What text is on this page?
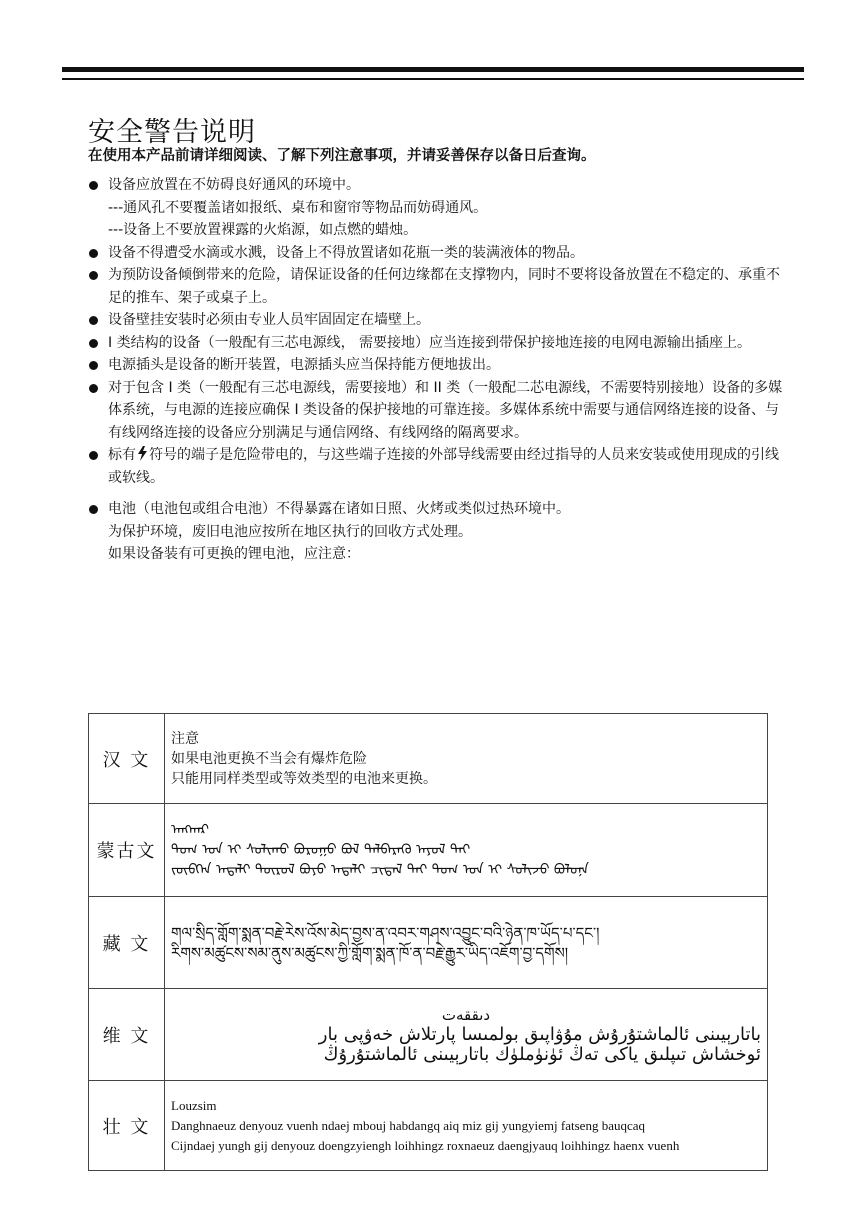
安全警告说明
在使用本产品前请详细阅读、了解下列注意事项，并请妥善保存以备日后查询。
设备应放置在不妨碍良好通风的环境中。
---通风孔不要覆盖诸如报纸、桌布和窗帘等物品而妨碍通风。
---设备上不要放置裸露的火焰源，如点燃的蜡烛。
设备不得遭受水滴或水溅，设备上不得放置诸如花瓶一类的装满液体的物品。
为预防设备倾倒带来的危险，请保证设备的任何边缘都在支撑物内，同时不要将设备放置在不稳定的、承重不足的推车、架子或桌子上。
设备壁挂安装时必须由专业人员牢固固定在墙壁上。
I 类结构的设备（一般配有三芯电源线， 需要接地）应当连接到带保护接地连接的电网电源输出插座上。
电源插头是设备的断开装置，电源插头应当保持能方便地拔出。
对于包含 I 类（一般配有三芯电源线，需要接地）和 II 类（一般配二芯电源线，不需要特别接地）设备的多媒体系统，与电源的连接应确保 I 类设备的保护接地的可靠连接。多媒体系统中需要与通信网络连接的设备、与有线网络连接的设备应分别满足与通信网络、有线网络的隔离要求。
标有 符号的端子是危险带电的，与这些端子连接的外部导线需要由经过指导的人员来安装或使用现成的引线或软线。
电池（电池包或组合电池）不得暴露在诸如日照、火烤或类似过热环境中。
为保护环境，废旧电池应按所在地区执行的回收方式处理。
如果设备装有可更换的锂电池，应注意：
汉 文	注意
如果电池更换不当会有爆炸危险
只能用同样类型或等效类型的电池来更换。

蒙古文	ᠠᠩᠬᠠᠷ
ᠲᠣᠭ ᠣᠨ ᠢ ᠰᠣᠯᠢᠬᠤ ᠪᠤᠷᠤᠭᠤ ᠪᠣᠯ ᠳᠡᠯᠪᠡᠷᠡᠬᠦ ᠠᠶᠤᠯ ᠲᠠᠢ
ᠵᠥᠪᠬᠡᠨ ᠠᠳᠠᠯᠢ ᠲᠥᠷᠥᠯ ᠪᠤᠶᠤ ᠠᠳᠠᠯᠢ ᠴᠢᠳᠠᠯ ᠲᠠᠢ ᠲᠣᠭ ᠣᠨ ᠢ ᠰᠣᠯᠢᠵᠤ ᠪᠣᠯᠤᠨᠠ

藏 文	གལ་སྲིད་གློག་སྨན་བརྗེ་རེས་འོས་མེད་བྱས་ན་འབར་གཤས་འབྱུང་བའི་ཉེན་ཁ་ཡོད་པ་དང་།
རིགས་མཚུངས་སམ་ནུས་མཚུངས་ཀྱི་གློག་སྨན་ཁོ་ན་བརྗེ་རྒྱུར་ཡིད་འཇོག་བྱ་དགོས།

维 文	دىققەت
باتارېيىنى ئالماشتۇرۇش مۇۋاپىق بولمىسا پارتلاش خەۋپى بار
ئوخشاش تىپلىق ياكى تەڭ ئۈنۈملۈك باتارېيىنى ئالماشتۇرۇڭ

壮 文	Louzsim
Danghnaeuz denyouz vuenh ndaej mbouj habdangq aiq miz gij yungyiemj fatseng bauqcaq
Cijndaej yungh gij denyouz doengzyiengh loihhingz roxnaeuz daengjyauq loihhingz haenx vuenh
